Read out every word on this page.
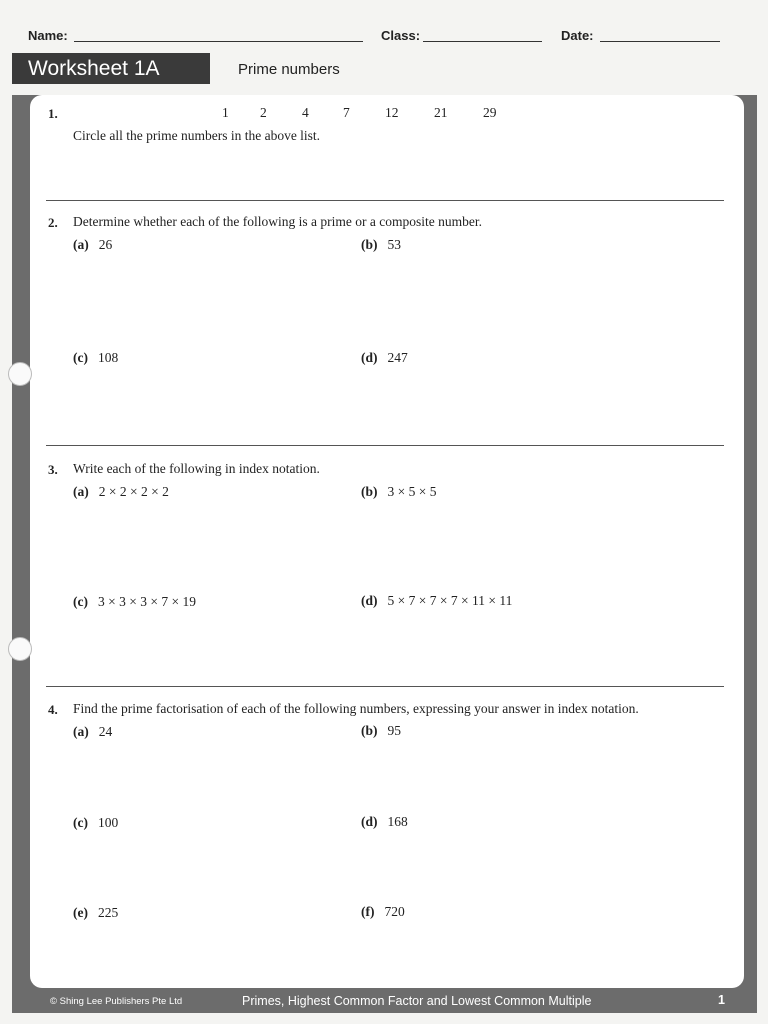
Name:	Class:	Date:
Worksheet 1A	Prime numbers
1.	1 2	4	7	12	21	29
Circle all the prime numbers in the above list.
2. Determine whether each of the following is a prime or a composite number.
(a) 26	(b) 53
(c) 108	(d) 247
3. Write each of the following in index notation.
(a) 2 × 2 × 2 × 2	(b) 3 × 5 × 5
(c) 3 × 3 × 3 × 7 × 19	(d) 5 × 7 × 7 × 7 × 11 × 11
4. Find the prime factorisation of each of the following numbers, expressing your answer in index notation.
(a) 24	(b) 95
(c) 100	(d) 168
(e) 225	(f) 720
© Shing Lee Publishers Pte Ltd	Primes, Highest Common Factor and Lowest Common Multiple	1
